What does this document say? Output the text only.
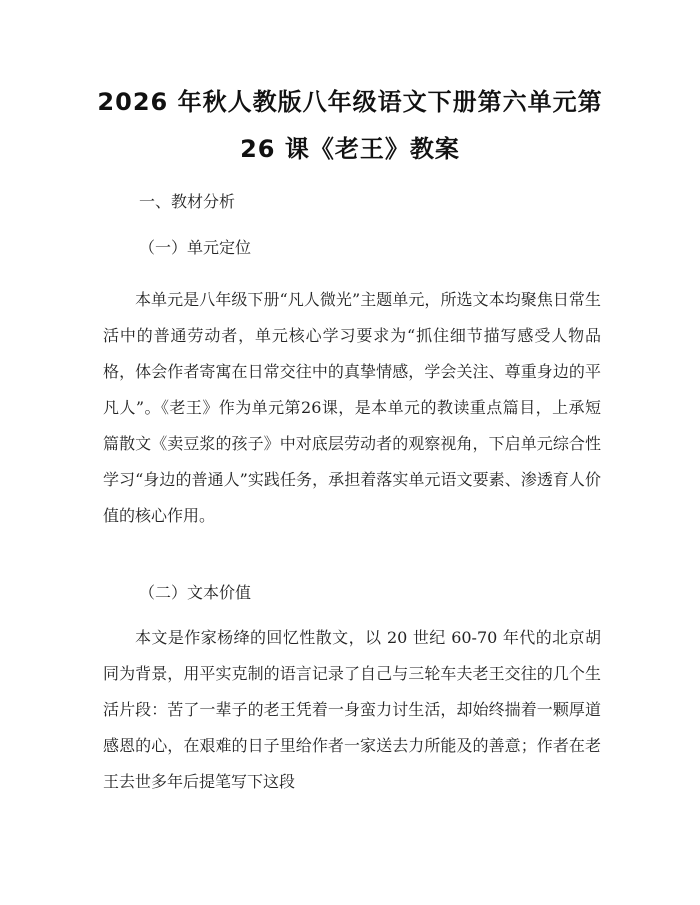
2026 年秋人教版八年级语文下册第六单元第
26 课《老王》教案
一、教材分析
（一）单元定位
本单元是八年级下册“凡人微光”主题单元，所选文本均聚焦日常生活中的普通劳动者，单元核心学习要求为“抓住细节描写感受人物品格，体会作者寄寓在日常交往中的真挚情感，学会关注、尊重身边的平凡人”。《老王》作为单元第26课，是本单元的教读重点篇目，上承短篇散文《卖豆浆的孩子》中对底层劳动者的观察视角，下启单元综合性学习“身边的普通人”实践任务，承担着落实单元语文要素、渗透育人价值的核心作用。
（二）文本价值
本文是作家杨绛的回忆性散文，以 20 世纪 60-70 年代的北京胡同为背景，用平实克制的语言记录了自己与三轮车夫老王交往的几个生活片段：苦了一辈子的老王凭着一身蛮力讨生活，却始终揣着一颗厚道感恩的心，在艰难的日子里给作者一家送去力所能及的善意；作者在老王去世多年后提笔写下这段
